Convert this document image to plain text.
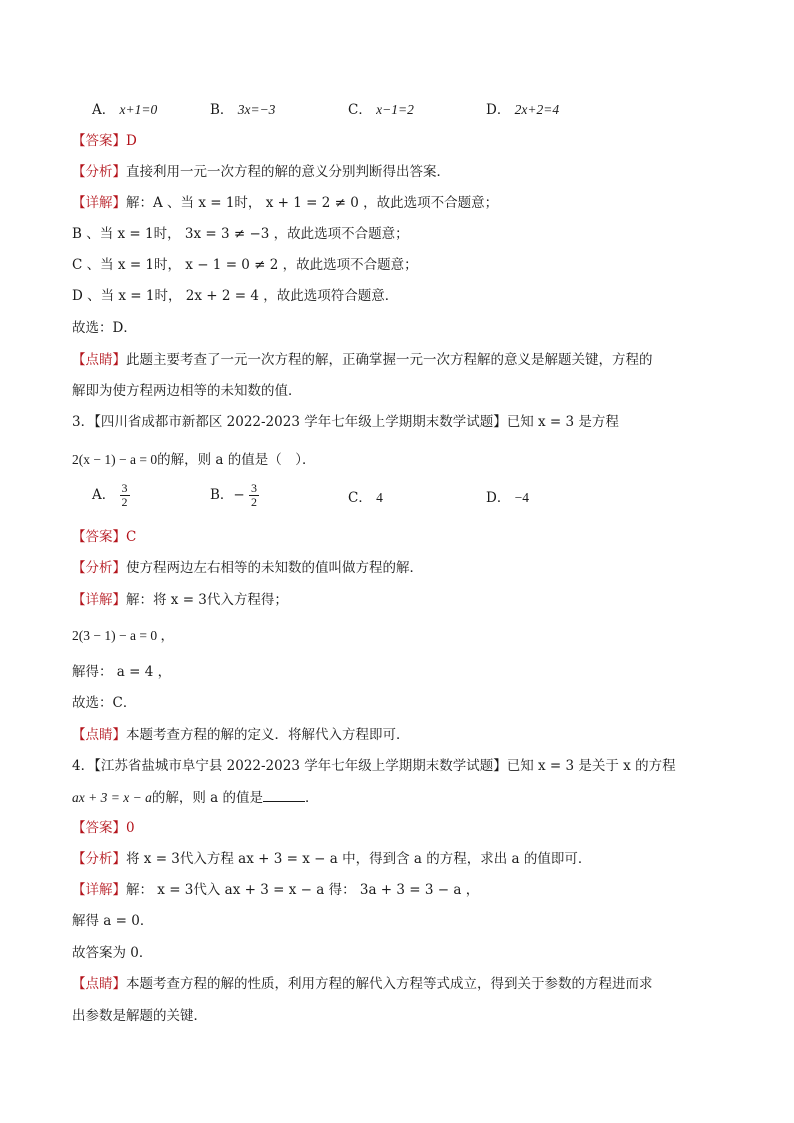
A． x+1=0	B． 3x=−3	C． x−1=2	D． 2x+2=4
【答案】D
【分析】直接利用一元一次方程的解的意义分别判断得出答案．
【详解】解：A 、当 x = 1时， x + 1 = 2 ≠ 0 ，故此选项不合题意；
B 、当 x = 1时， 3x = 3 ≠ −3 ，故此选项不合题意；
C 、当 x = 1时， x − 1 = 0 ≠ 2 ，故此选项不合题意；
D 、当 x = 1时， 2x + 2 = 4 ，故此选项符合题意．
故选：D．
【点睛】此题主要考查了一元一次方程的解，正确掌握一元一次方程解的意义是解题关键，方程的
解即为使方程两边相等的未知数的值．
3．【四川省成都市新都区 2022-2023 学年七年级上学期期末数学试题】已知 x = 3 是方程
2(x − 1) − a = 0的解，则 a 的值是（　）．
A． $\frac{3}{2}$	B．− $\frac{3}{2}$	C． 4	D． −4
【答案】C
【分析】使方程两边左右相等的未知数的值叫做方程的解．
【详解】解：将 x = 3代入方程得；
2(3 − 1) − a = 0 ，
解得： a = 4 ，
故选：C．
【点睛】本题考查方程的解的定义．将解代入方程即可．
4．【江苏省盐城市阜宁县 2022-2023 学年七年级上学期期末数学试题】已知 x = 3 是关于 x 的方程
ax + 3 = x − a的解，则 a 的值是	．
【答案】0
【分析】将 x = 3代入方程 ax + 3 = x − a 中，得到含 a 的方程，求出 a 的值即可．
【详解】解： x = 3代入 ax + 3 = x − a 得： 3a + 3 = 3 − a ，
解得 a = 0．
故答案为 0．
【点睛】本题考查方程的解的性质，利用方程的解代入方程等式成立，得到关于参数的方程进而求
出参数是解题的关键．
